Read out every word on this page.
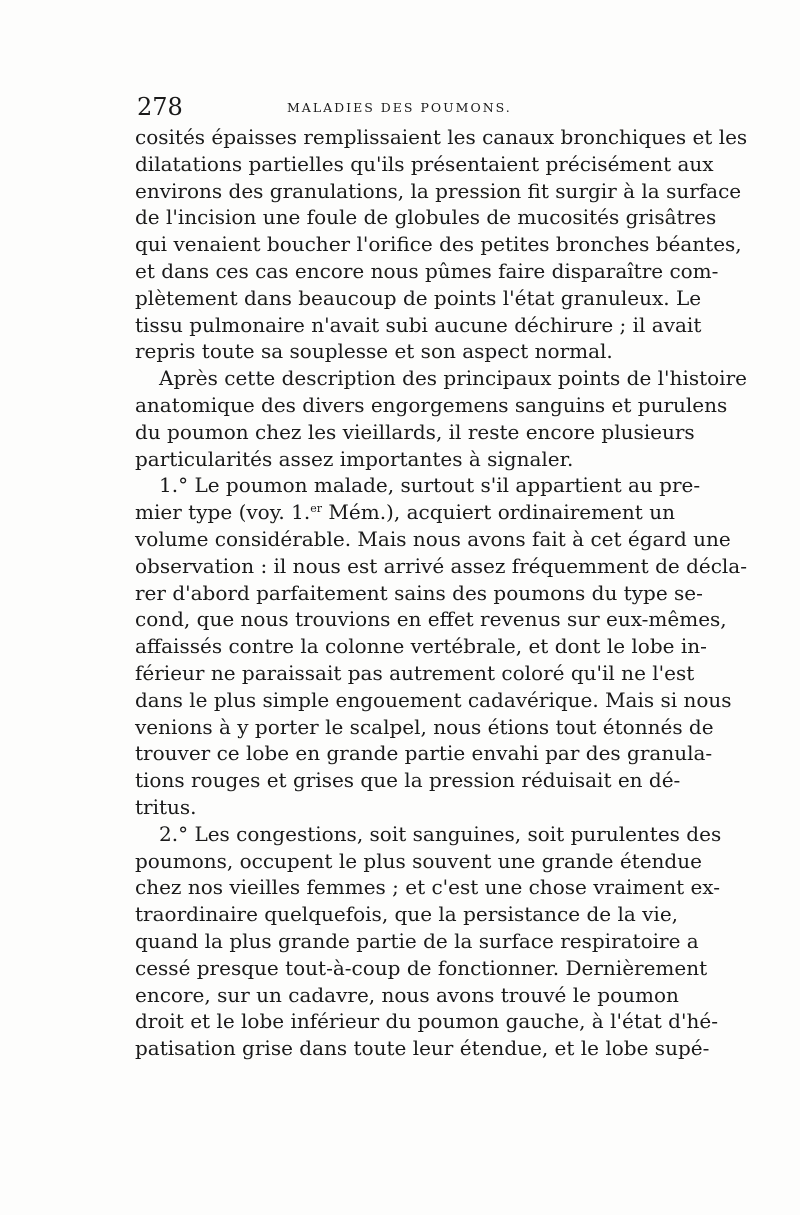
278	MALADIES DES POUMONS.
cosités épaisses remplissaient les canaux bronchiques et les
dilatations partielles qu'ils présentaient précisément aux
environs des granulations, la pression fit surgir à la surface
de l'incision une foule de globules de mucosités grisâtres
qui venaient boucher l'orifice des petites bronches béantes,
et dans ces cas encore nous pûmes faire disparaître com-
plètement dans beaucoup de points l'état granuleux. Le
tissu pulmonaire n'avait subi aucune déchirure ; il avait
repris toute sa souplesse et son aspect normal.
Après cette description des principaux points de l'histoire
anatomique des divers engorgemens sanguins et purulens
du poumon chez les vieillards, il reste encore plusieurs
particularités assez importantes à signaler.
1.° Le poumon malade, surtout s'il appartient au pre-
mier type (voy. 1.$^{er}$ Mém.), acquiert ordinairement un
volume considérable. Mais nous avons fait à cet égard une
observation : il nous est arrivé assez fréquemment de décla-
rer d'abord parfaitement sains des poumons du type se-
cond, que nous trouvions en effet revenus sur eux-mêmes,
affaissés contre la colonne vertébrale, et dont le lobe in-
férieur ne paraissait pas autrement coloré qu'il ne l'est
dans le plus simple engouement cadavérique. Mais si nous
venions à y porter le scalpel, nous étions tout étonnés de
trouver ce lobe en grande partie envahi par des granula-
tions rouges et grises que la pression réduisait en dé-
tritus.
2.° Les congestions, soit sanguines, soit purulentes des
poumons, occupent le plus souvent une grande étendue
chez nos vieilles femmes ; et c'est une chose vraiment ex-
traordinaire quelquefois, que la persistance de la vie,
quand la plus grande partie de la surface respiratoire a
cessé presque tout-à-coup de fonctionner. Dernièrement
encore, sur un cadavre, nous avons trouvé le poumon
droit et le lobe inférieur du poumon gauche, à l'état d'hé-
patisation grise dans toute leur étendue, et le lobe supé-
